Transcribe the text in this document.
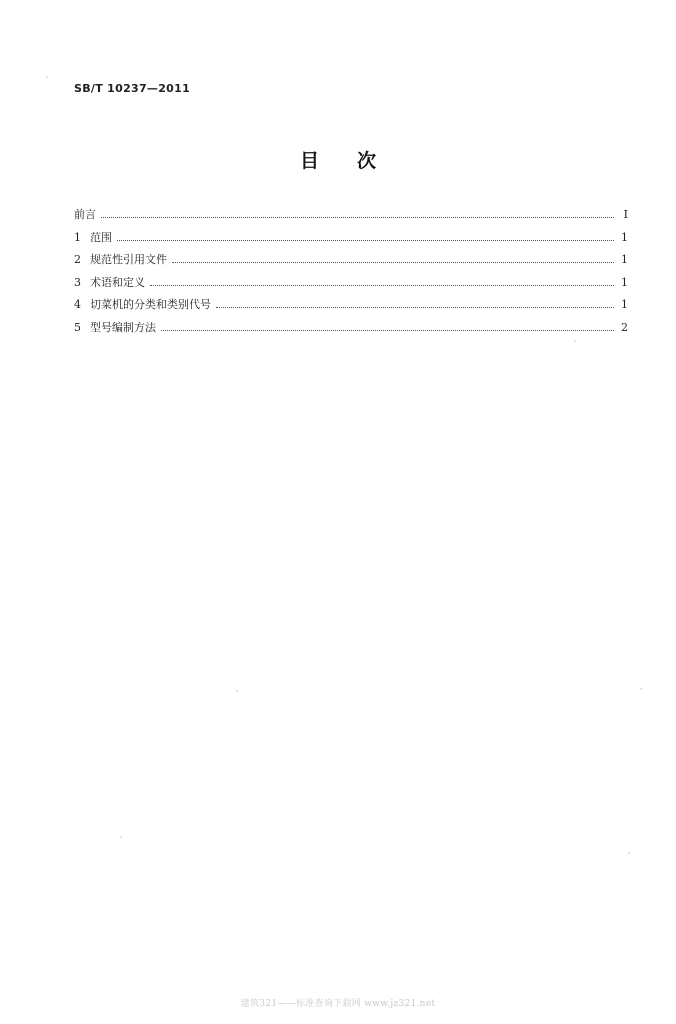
SB/T 10237—2011
目 次
前言	Ⅰ
1 范围	1
2 规范性引用文件	1
3 术语和定义	1
4 切菜机的分类和类别代号	1
5 型号编制方法	2
建筑321——标准查询下载网 www.jz321.net
